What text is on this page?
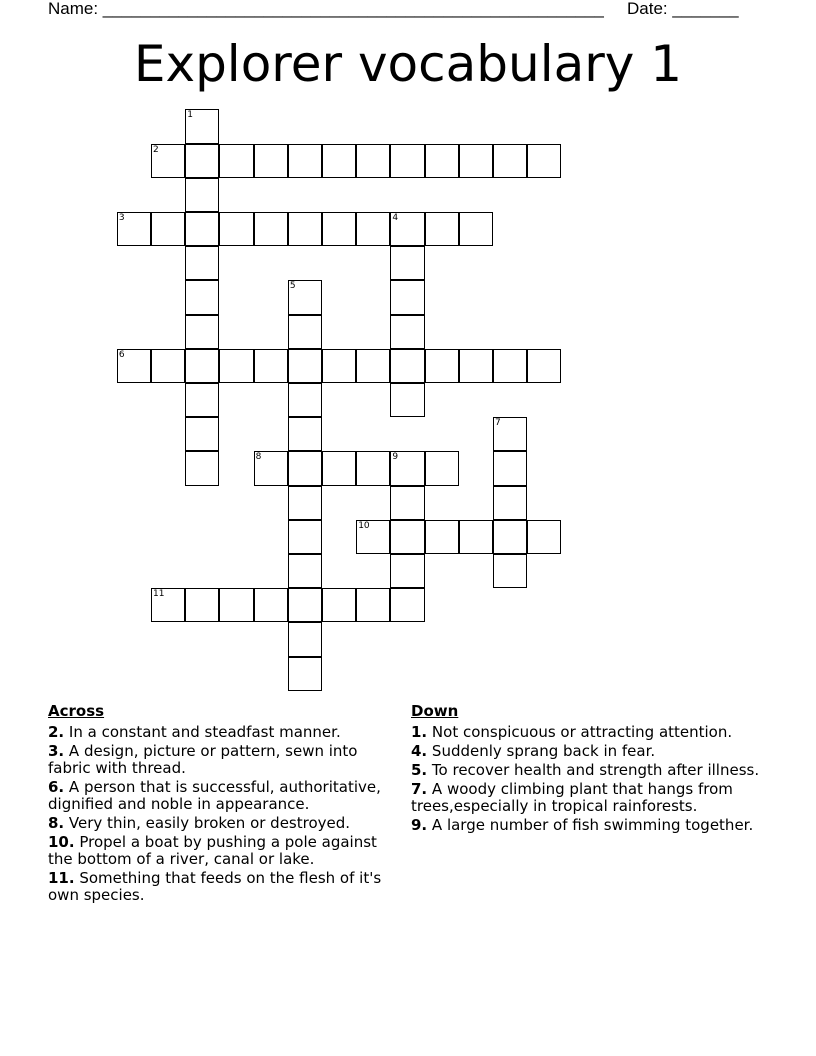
Name: _____________________________________________________ Date: _______
Explorer vocabulary 1
1
2
3	4
5
6
7
8	9
10
11
Across
2. In a constant and steadfast manner.
3. A design, picture or pattern, sewn into fabric with thread.
6. A person that is successful, authoritative, dignified and noble in appearance.
8. Very thin, easily broken or destroyed.
10. Propel a boat by pushing a pole against the bottom of a river, canal or lake.
11. Something that feeds on the flesh of it's own species.
Down
1. Not conspicuous or attracting attention.
4. Suddenly sprang back in fear.
5. To recover health and strength after illness.
7. A woody climbing plant that hangs from trees,especially in tropical rainforests.
9. A large number of fish swimming together.
